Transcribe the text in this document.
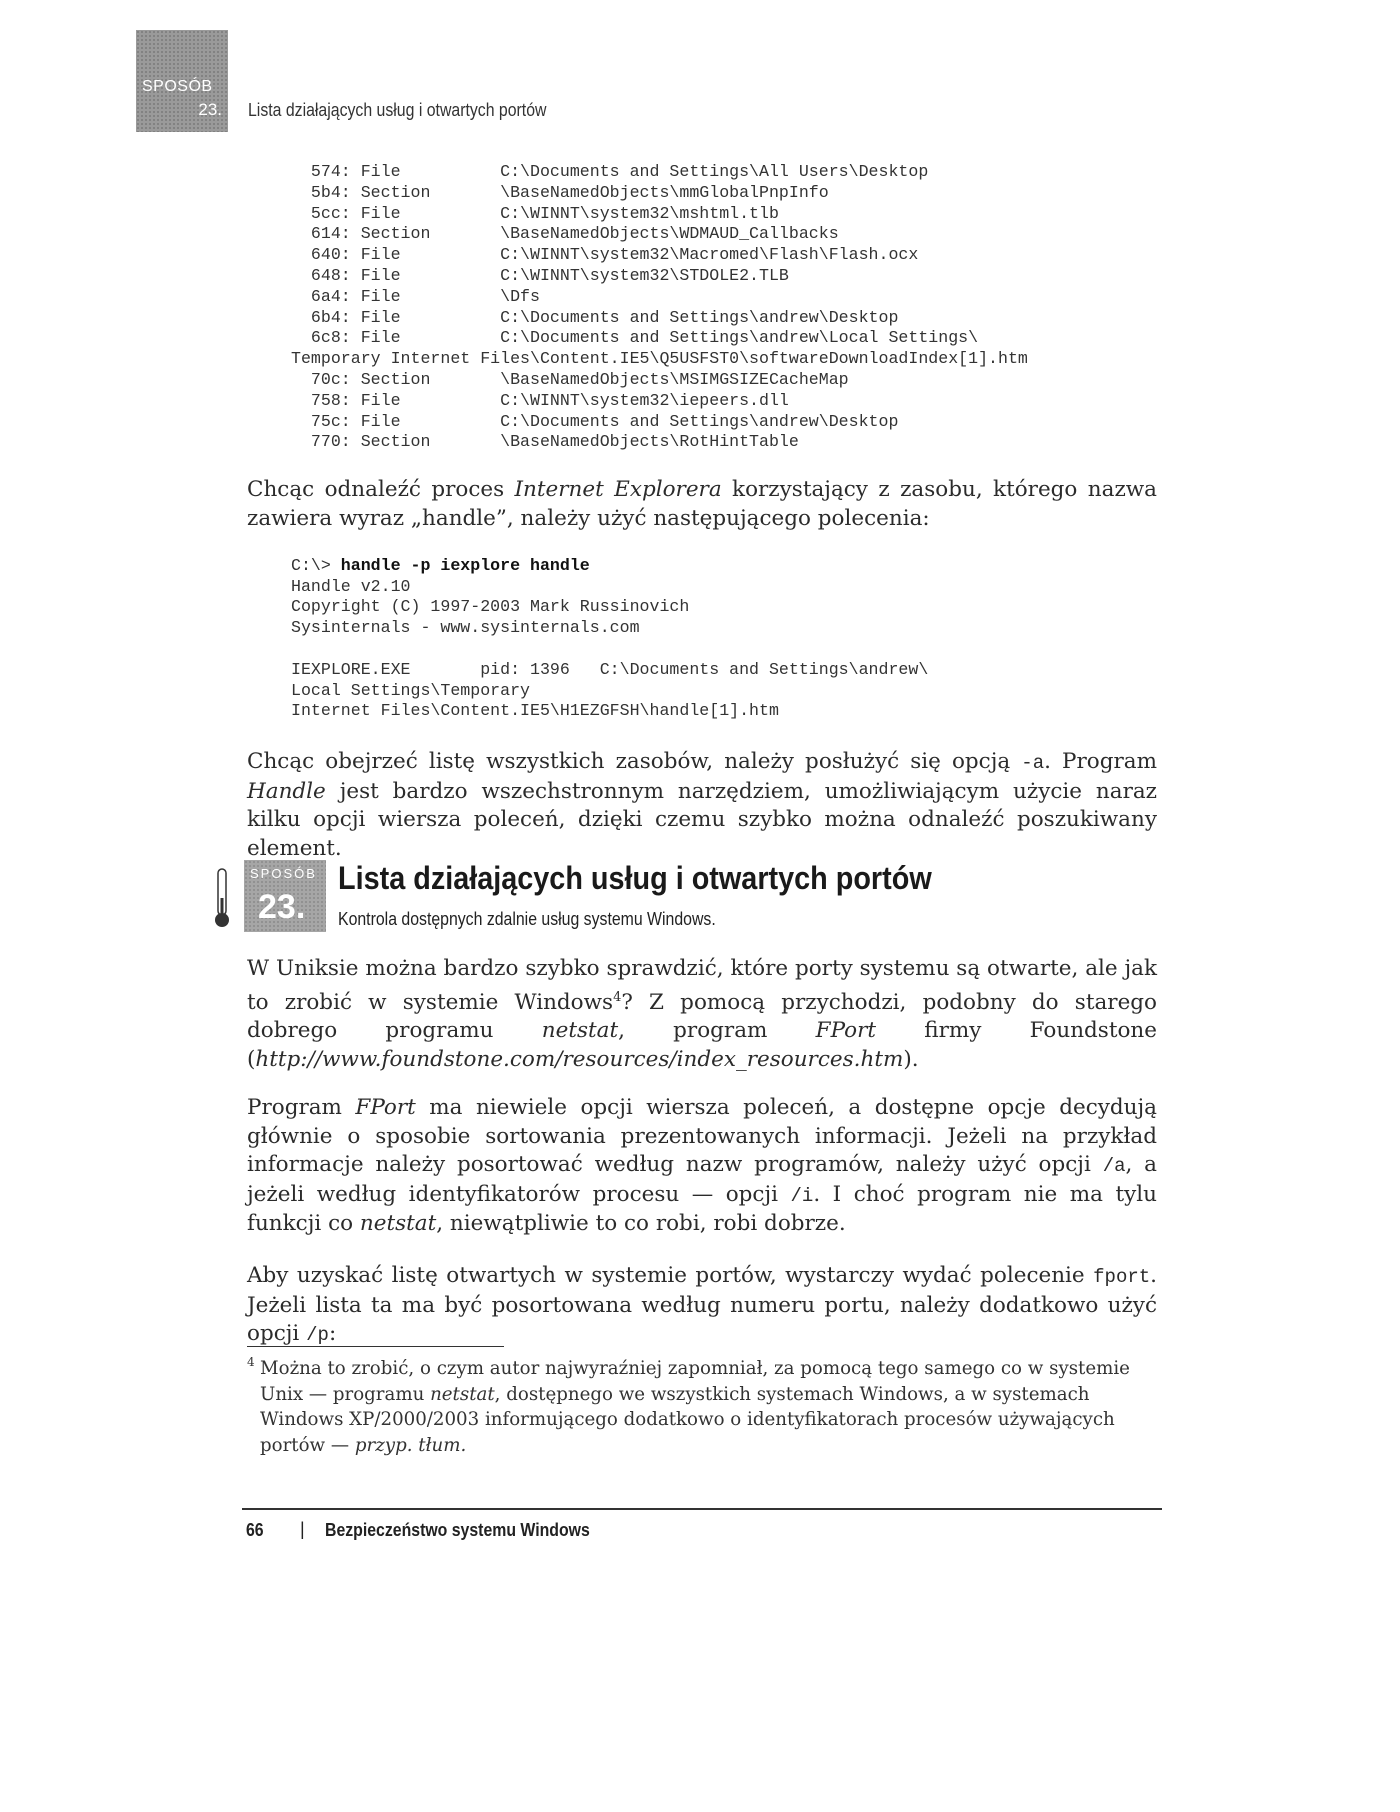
SPOSÓB
23. Lista działających usług i otwartych portów
574: File          C:\Documents and Settings\All Users\Desktop
5b4: Section       \BaseNamedObjects\mmGlobalPnpInfo
5cc: File          C:\WINNT\system32\mshtml.tlb
614: Section       \BaseNamedObjects\WDMAUD_Callbacks
640: File          C:\WINNT\system32\Macromed\Flash\Flash.ocx
648: File          C:\WINNT\system32\STDOLE2.TLB
6a4: File          \Dfs
6b4: File          C:\Documents and Settings\andrew\Desktop
6c8: File          C:\Documents and Settings\andrew\Local Settings\
Temporary Internet Files\Content.IE5\Q5USFST0\softwareDownloadIndex[1].htm
70c: Section       \BaseNamedObjects\MSIMGSIZECacheMap
758: File          C:\WINNT\system32\iepeers.dll
75c: File          C:\Documents and Settings\andrew\Desktop
770: Section       \BaseNamedObjects\RotHintTable
Chcąc odnaleźć proces Internet Explorera korzystający z zasobu, którego nazwa zawiera wyraz „handle”, należy użyć następującego polecenia:
C:\> handle -p iexplore handle
Handle v2.10
Copyright (C) 1997-2003 Mark Russinovich
Sysinternals - www.sysinternals.com
IEXPLORE.EXE       pid: 1396   C:\Documents and Settings\andrew\
Local Settings\Temporary
Internet Files\Content.IE5\H1EZGFSH\handle[1].htm
Chcąc obejrzeć listę wszystkich zasobów, należy posłużyć się opcją -a. Program Handle jest bardzo wszechstronnym narzędziem, umożliwiającym użycie naraz kilku opcji wiersza poleceń, dzięki czemu szybko można odnaleźć poszukiwany element.
SPOSÓB
23.
Lista działających usług i otwartych portów
Kontrola dostępnych zdalnie usług systemu Windows.
W Uniksie można bardzo szybko sprawdzić, które porty systemu są otwarte, ale jak to zrobić w systemie Windows$^4$? Z pomocą przychodzi, podobny do starego dobrego programu netstat, program FPort firmy Foundstone (http://www.foundstone.com/resources/index_resources.htm).
Program FPort ma niewiele opcji wiersza poleceń, a dostępne opcje decydują głównie o sposobie sortowania prezentowanych informacji. Jeżeli na przykład informacje należy posortować według nazw programów, należy użyć opcji /a, a jeżeli według identyfikatorów procesu — opcji /i. I choć program nie ma tylu funkcji co netstat, niewątpliwie to co robi, robi dobrze.
Aby uzyskać listę otwartych w systemie portów, wystarczy wydać polecenie fport. Jeżeli lista ta ma być posortowana według numeru portu, należy dodatkowo użyć opcji /p:
4 Można to zrobić, o czym autor najwyraźniej zapomniał, za pomocą tego samego co w systemie Unix — programu netstat, dostępnego we wszystkich systemach Windows, a w systemach Windows XP/2000/2003 informującego dodatkowo o identyfikatorach procesów używających portów — przyp. tłum.
66 | Bezpieczeństwo systemu Windows
